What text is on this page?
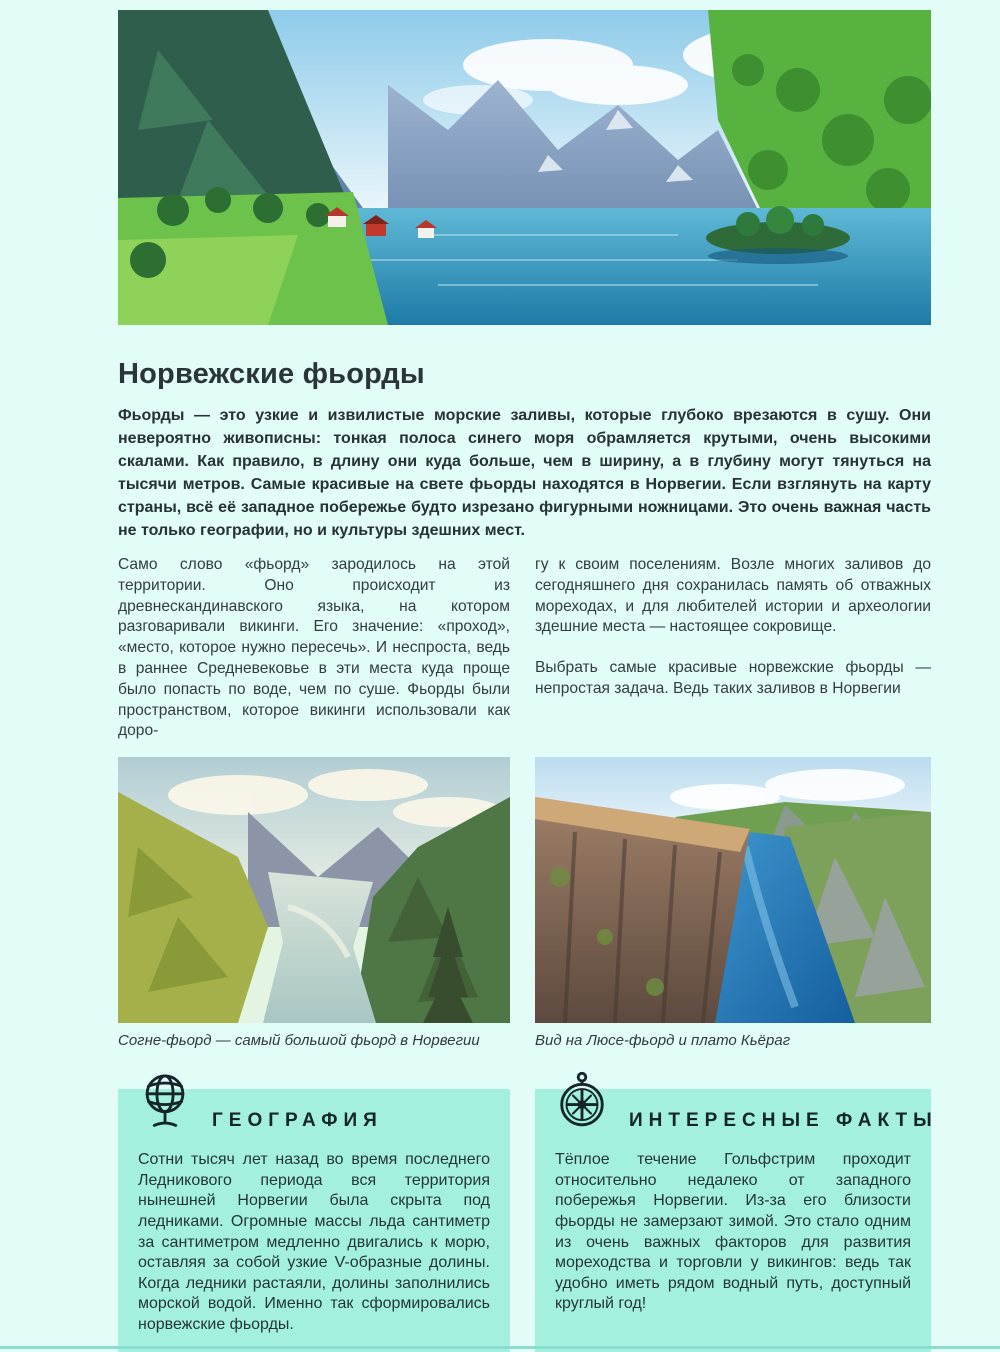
Норвежские фьорды

Фьорды — это узкие и извилистые морские заливы, которые глубоко врезаются в сушу. Они невероятно живописны: тонкая полоса синего моря обрамляется крутыми, очень высокими скалами. Как правило, в длину они куда больше, чем в ширину, а в глубину могут тянуться на тысячи метров. Самые красивые на свете фьорды находятся в Норвегии. Если взглянуть на карту страны, всё её западное побережье будто изрезано фигурными ножницами. Это очень важная часть не только географии, но и культуры здешних мест.

Само слово «фьорд» зародилось на этой территории. Оно происходит из древнескандинавского языка, на котором разговаривали викинги. Его значение: «проход», «место, которое нужно пересечь». И неспроста, ведь в раннее Средневековье в эти места куда проще было попасть по воде, чем по суше. Фьорды были пространством, которое викинги использовали как доро-

гу к своим поселениям. Возле многих заливов до сегодняшнего дня сохранилась память об отважных мореходах, и для любителей истории и археологии здешние места — настоящее сокровище.

Выбрать самые красивые норвежские фьорды — непростая задача. Ведь таких заливов в Норвегии

Согне-фьорд — самый большой фьорд в Норвегии	Вид на Люсе-фьорд и плато Кьёраг
ГЕОГРАФИЯ

Сотни тысяч лет назад во время последнего Ледникового периода вся территория нынешней Норвегии была скрыта под ледниками. Огромные массы льда сантиметр за сантиметром медленно двигались к морю, оставляя за собой узкие V-образные долины. Когда ледники растаяли, долины заполнились морской водой. Именно так сформировались норвежские фьорды.

ИНТЕРЕСНЫЕ ФАКТЫ

Тёплое течение Гольфстрим проходит относительно недалеко от западного побережья Норвегии. Из-за его близости фьорды не замерзают зимой. Это стало одним из очень важных факторов для развития мореходства и торговли у викингов: ведь так удобно иметь рядом водный путь, доступный круглый год!
